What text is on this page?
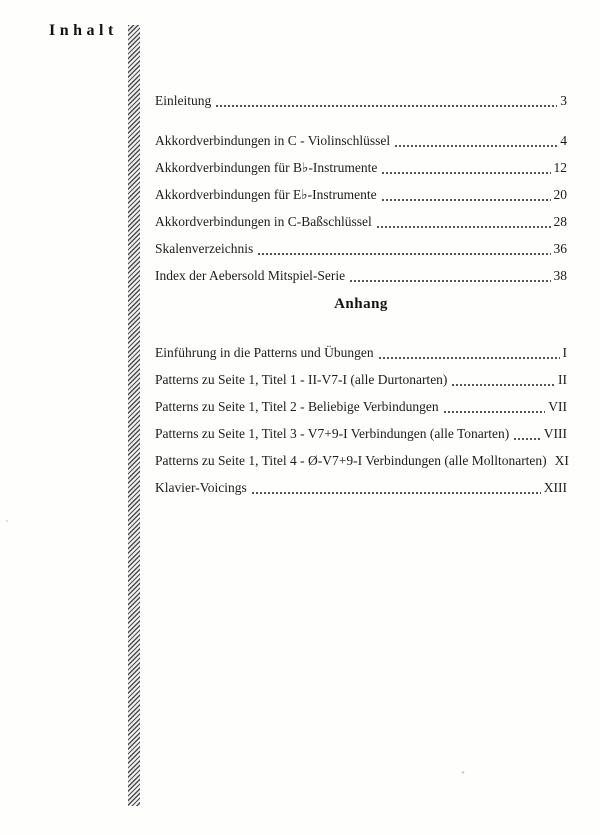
Inhalt
Einleitung	3
Akkordverbindungen in C - Violinschlüssel	4
Akkordverbindungen für B♭-Instrumente	12
Akkordverbindungen für E♭-Instrumente	20
Akkordverbindungen in C-Baßschlüssel	28
Skalenverzeichnis	36
Index der Aebersold Mitspiel-Serie	38
Anhang
Einführung in die Patterns und Übungen	I
Patterns zu Seite 1, Titel 1 - II-V7-I (alle Durtonarten)	II
Patterns zu Seite 1, Titel 2 - Beliebige Verbindungen	VII
Patterns zu Seite 1, Titel 3 - V7+9-I Verbindungen (alle Tonarten)	VIII
Patterns zu Seite 1, Titel 4 - Ø-V7+9-I Verbindungen (alle Molltonarten) XI
Klavier-Voicings	XIII
